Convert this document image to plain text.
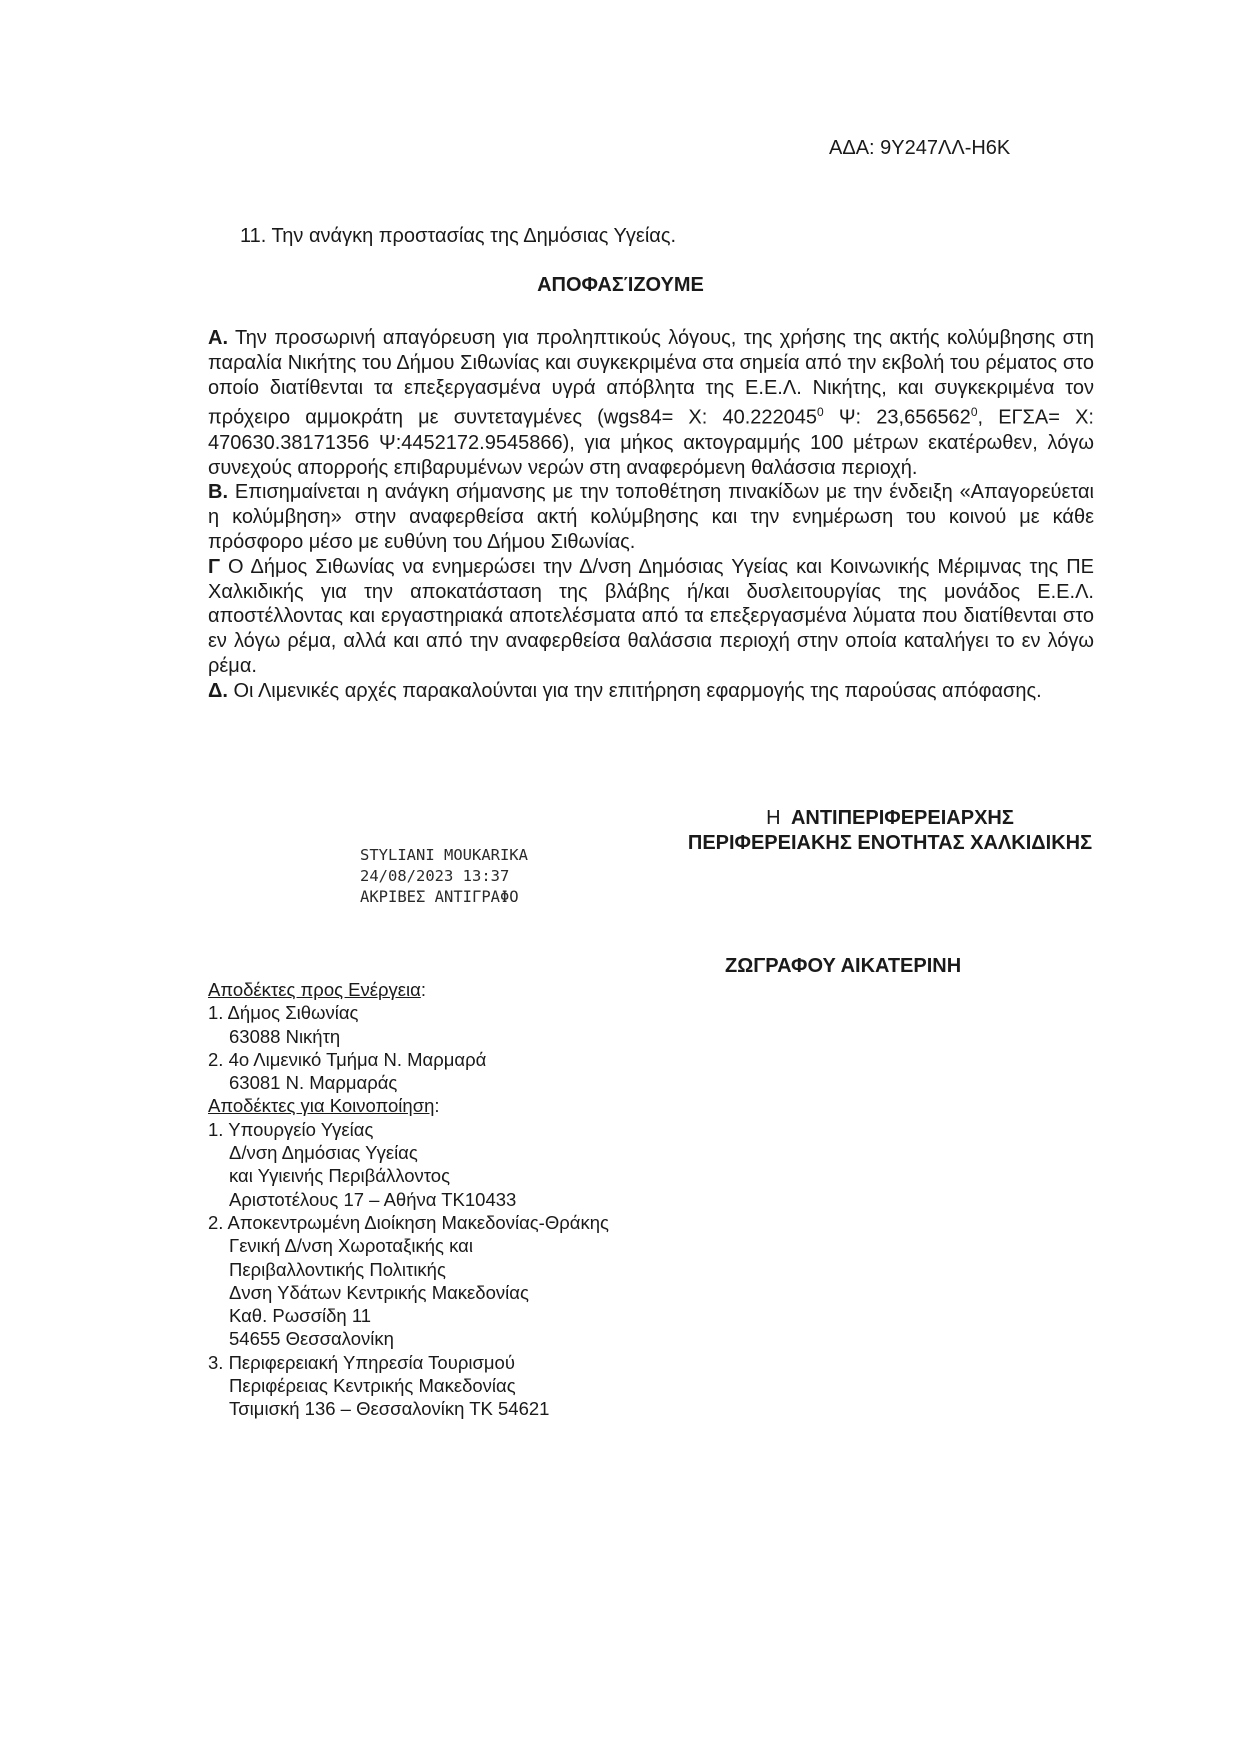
ΑΔΑ: 9Υ247ΛΛ-Η6Κ
11. Την ανάγκη προστασίας της Δημόσιας Υγείας.
ΑΠΟΦΑΣΊΖΟΥΜΕ

Α. Την προσωρινή απαγόρευση για προληπτικούς λόγους, της χρήσης της ακτής κολύμβησης στη παραλία Νικήτης του Δήμου Σιθωνίας και συγκεκριμένα στα σημεία από την εκβολή του ρέματος στο οποίο διατίθενται τα επεξεργασμένα υγρά απόβλητα της Ε.Ε.Λ. Νικήτης, και συγκεκριμένα τον πρόχειρο αμμοκράτη με συντεταγμένες (wgs84= Χ: 40.222045$^0$ Ψ: 23,656562$^0$, ΕΓΣΑ= Χ: 470630.38171356 Ψ:4452172.9545866), για μήκος ακτογραμμής 100 μέτρων εκατέρωθεν, λόγω συνεχούς απορροής επιβαρυμένων νερών στη αναφερόμενη θαλάσσια περιοχή.

Β. Επισημαίνεται η ανάγκη σήμανσης με την τοποθέτηση πινακίδων με την ένδειξη «Απαγορεύεται η κολύμβηση» στην αναφερθείσα ακτή κολύμβησης και την ενημέρωση του κοινού με κάθε πρόσφορο μέσο με ευθύνη του Δήμου Σιθωνίας.

Γ Ο Δήμος Σιθωνίας να ενημερώσει την Δ/νση Δημόσιας Υγείας και Κοινωνικής Μέριμνας της ΠΕ Χαλκιδικής για την αποκατάσταση της βλάβης ή/και δυσλειτουργίας της μονάδος Ε.Ε.Λ. αποστέλλοντας και εργαστηριακά αποτελέσματα από τα επεξεργασμένα λύματα που διατίθενται στο εν λόγω ρέμα, αλλά και από την αναφερθείσα θαλάσσια περιοχή στην οποία καταλήγει το εν λόγω ρέμα.

Δ. Οι Λιμενικές αρχές παρακαλούνται για την επιτήρηση εφαρμογής της παρούσας απόφασης.

Η ΑΝΤΙΠΕΡΙΦΕΡΕΙΑΡΧΗΣ
ΠΕΡΙΦΕΡΕΙΑΚΗΣ ΕΝΟΤΗΤΑΣ ΧΑΛΚΙΔΙΚΗΣ
STYLIANI MOUKARIKA
24/08/2023 13:37
ΑΚΡΙΒΕΣ ΑΝΤΙΓΡΑΦΟ
ΖΩΓΡΑΦΟΥ ΑΙΚΑΤΕΡΙΝΗ
Αποδέκτες προς Ενέργεια:
1. Δήμος Σιθωνίας
63088 Νικήτη
2. 4ο Λιμενικό Τμήμα Ν. Μαρμαρά
63081 Ν. Μαρμαράς
Αποδέκτες για Κοινοποίηση:
1. Υπουργείο Υγείας
Δ/νση Δημόσιας Υγείας
και Υγιεινής Περιβάλλοντος
Αριστοτέλους 17 – Αθήνα ΤΚ10433
2. Αποκεντρωμένη Διοίκηση Μακεδονίας-Θράκης
Γενική Δ/νση Χωροταξικής και
Περιβαλλοντικής Πολιτικής
Δνση Υδάτων Κεντρικής Μακεδονίας
Καθ. Ρωσσίδη 11
54655 Θεσσαλονίκη
3. Περιφερειακή Υπηρεσία Τουρισμού
Περιφέρειας Κεντρικής Μακεδονίας
Τσιμισκή 136 – Θεσσαλονίκη ΤΚ 54621
